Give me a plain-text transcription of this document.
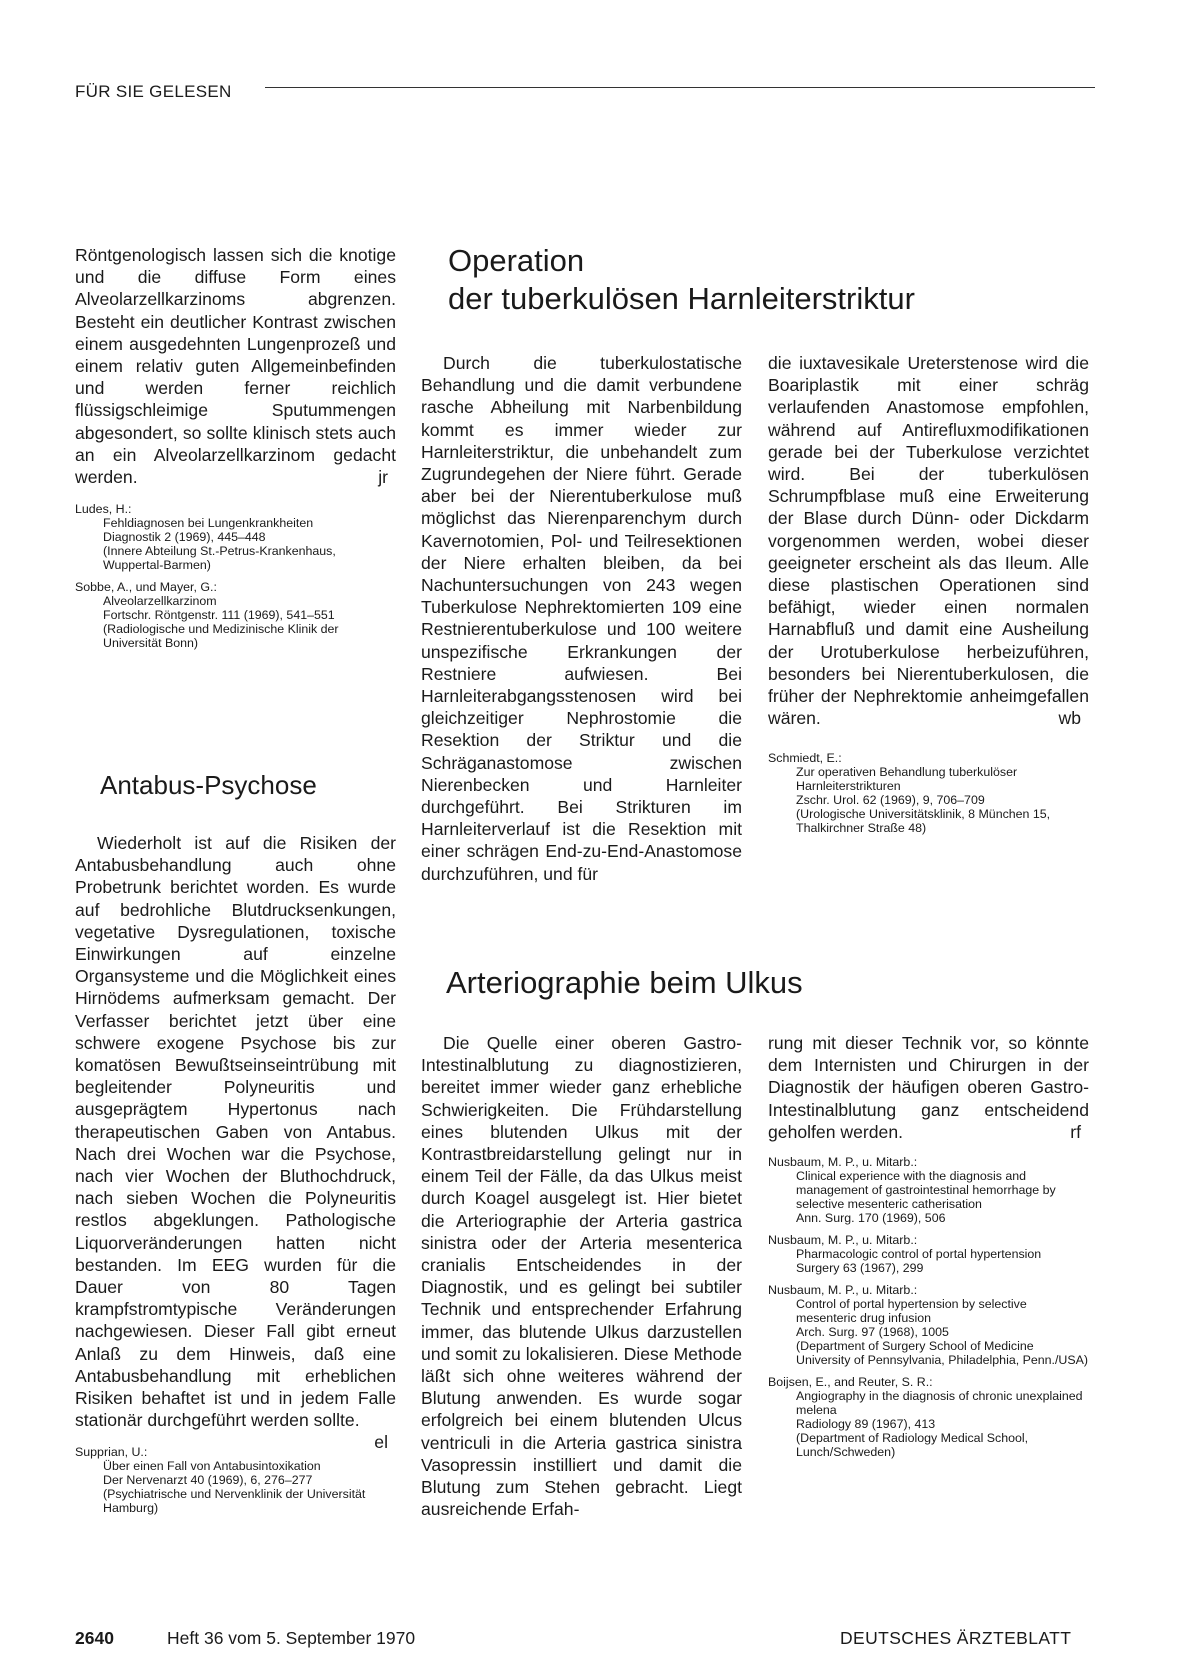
FÜR SIE GELESEN

Röntgenologisch lassen sich die knotige und die diffuse Form eines Alveolarzellkarzinoms abgrenzen. Besteht ein deutlicher Kontrast zwischen einem ausgedehnten Lungenprozeß und einem relativ guten Allgemeinbefinden und werden ferner reichlich flüssigschleimige Sputummengen abgesondert, so sollte klinisch stets auch an ein Alveolarzellkarzinom gedacht werden.	jr

Ludes, H.:
Fehldiagnosen bei Lungenkrankheiten
Diagnostik 2 (1969), 445–448
(Innere Abteilung St.-Petrus-Krankenhaus, Wuppertal-Barmen)

Sobbe, A., und Mayer, G.:
Alveolarzellkarzinom
Fortschr. Röntgenstr. 111 (1969), 541–551
(Radiologische und Medizinische Klinik der Universität Bonn)

Antabus-Psychose

Wiederholt ist auf die Risiken der Antabusbehandlung auch ohne Probetrunk berichtet worden. Es wurde auf bedrohliche Blutdrucksenkungen, vegetative Dysregulationen, toxische Einwirkungen auf einzelne Organsysteme und die Möglichkeit eines Hirnödems aufmerksam gemacht. Der Verfasser berichtet jetzt über eine schwere exogene Psychose bis zur komatösen Bewußtseinseintrübung mit begleitender Polyneuritis und ausgeprägtem Hypertonus nach therapeutischen Gaben von Antabus. Nach drei Wochen war die Psychose, nach vier Wochen der Bluthochdruck, nach sieben Wochen die Polyneuritis restlos abgeklungen. Pathologische Liquorveränderungen hatten nicht bestanden. Im EEG wurden für die Dauer von 80 Tagen krampfstromtypische Veränderungen nachgewiesen. Dieser Fall gibt erneut Anlaß zu dem Hinweis, daß eine Antabusbehandlung mit erheblichen Risiken behaftet ist und in jedem Falle stationär durchgeführt werden sollte.
el

Supprian, U.:
Über einen Fall von Antabusintoxikation
Der Nervenarzt 40 (1969), 6, 276–277
(Psychiatrische und Nervenklinik der Universität Hamburg)

Operation
der tuberkulösen Harnleiterstriktur

Durch die tuberkulostatische Behandlung und die damit verbundene rasche Abheilung mit Narbenbildung kommt es immer wieder zur Harnleiterstriktur, die unbehandelt zum Zugrundegehen der Niere führt. Gerade aber bei der Nierentuberkulose muß möglichst das Nierenparenchym durch Kavernotomien, Pol- und Teilresektionen der Niere erhalten bleiben, da bei Nachuntersuchungen von 243 wegen Tuberkulose Nephrektomierten 109 eine Restnierentuberkulose und 100 weitere unspezifische Erkrankungen der Restniere aufwiesen. Bei Harnleiterabgangsstenosen wird bei gleichzeitiger Nephrostomie die Resektion der Striktur und die Schräganastomose zwischen Nierenbecken und Harnleiter durchgeführt. Bei Strikturen im Harnleiterverlauf ist die Resektion mit einer schrägen End-zu-End-Anastomose durchzuführen, und für

die iuxtavesikale Ureterstenose wird die Boariplastik mit einer schräg verlaufenden Anastomose empfohlen, während auf Antirefluxmodifikationen gerade bei der Tuberkulose verzichtet wird. Bei der tuberkulösen Schrumpfblase muß eine Erweiterung der Blase durch Dünn- oder Dickdarm vorgenommen werden, wobei dieser geeigneter erscheint als das Ileum. Alle diese plastischen Operationen sind befähigt, wieder einen normalen Harnabfluß und damit eine Ausheilung der Urotuberkulose herbeizuführen, besonders bei Nierentuberkulosen, die früher der Nephrektomie anheimgefallen wären.	wb

Schmiedt, E.:
Zur operativen Behandlung tuberkulöser Harnleiterstrikturen
Zschr. Urol. 62 (1969), 9, 706–709
(Urologische Universitätsklinik, 8 München 15, Thalkirchner Straße 48)

Arteriographie beim Ulkus

Die Quelle einer oberen Gastro-Intestinalblutung zu diagnostizieren, bereitet immer wieder ganz erhebliche Schwierigkeiten. Die Frühdarstellung eines blutenden Ulkus mit der Kontrastbreidarstellung gelingt nur in einem Teil der Fälle, da das Ulkus meist durch Koagel ausgelegt ist. Hier bietet die Arteriographie der Arteria gastrica sinistra oder der Arteria mesenterica cranialis Entscheidendes in der Diagnostik, und es gelingt bei subtiler Technik und entsprechender Erfahrung immer, das blutende Ulkus darzustellen und somit zu lokalisieren. Diese Methode läßt sich ohne weiteres während der Blutung anwenden. Es wurde sogar erfolgreich bei einem blutenden Ulcus ventriculi in die Arteria gastrica sinistra Vasopressin instilliert und damit die Blutung zum Stehen gebracht. Liegt ausreichende Erfah-

rung mit dieser Technik vor, so könnte dem Internisten und Chirurgen in der Diagnostik der häufigen oberen Gastro-Intestinalblutung ganz entscheidend geholfen werden.	rf

Nusbaum, M. P., u. Mitarb.:
Clinical experience with the diagnosis and management of gastrointestinal hemorrhage by selective mesenteric catherisation
Ann. Surg. 170 (1969), 506

Nusbaum, M. P., u. Mitarb.:
Pharmacologic control of portal hypertension
Surgery 63 (1967), 299

Nusbaum, M. P., u. Mitarb.:
Control of portal hypertension by selective mesenteric drug infusion
Arch. Surg. 97 (1968), 1005
(Department of Surgery School of Medicine University of Pennsylvania, Philadelphia, Penn./USA)

Boijsen, E., and Reuter, S. R.:
Angiography in the diagnosis of chronic unexplained melena
Radiology 89 (1967), 413
(Department of Radiology Medical School, Lunch/Schweden)

2640	Heft 36 vom 5. September 1970	DEUTSCHES ÄRZTEBLATT
